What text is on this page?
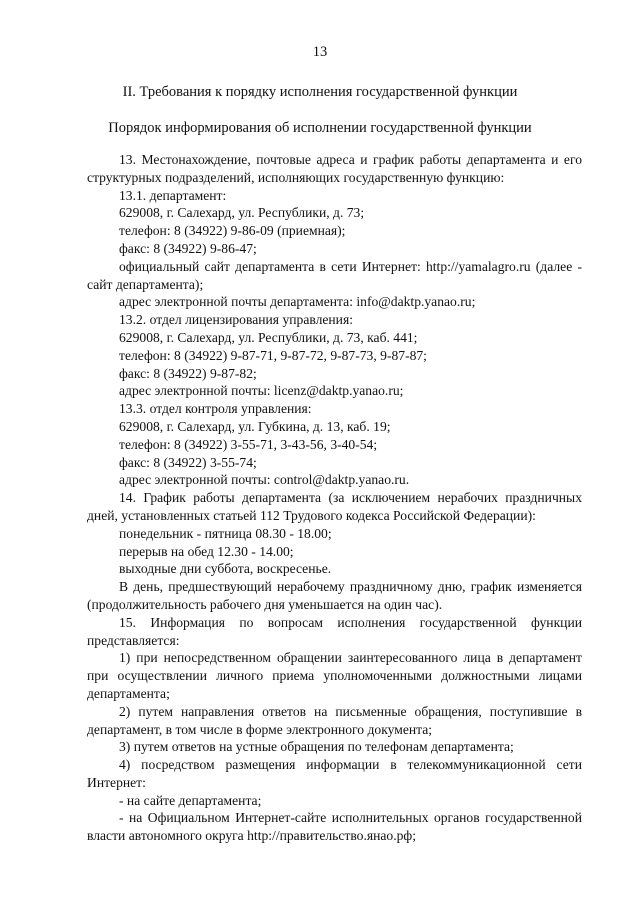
13
II. Требования к порядку исполнения государственной функции
Порядок информирования об исполнении государственной функции

13. Местонахождение, почтовые адреса и график работы департамента и его структурных подразделений, исполняющих государственную функцию:

13.1. департамент:

629008, г. Салехард, ул. Республики, д. 73;

телефон: 8 (34922) 9-86-09 (приемная);

факс: 8 (34922) 9-86-47;

официальный сайт департамента в сети Интернет: http://yamalagro.ru (далее - сайт департамента);

адрес электронной почты департамента: info@daktp.yanao.ru;

13.2. отдел лицензирования управления:

629008, г. Салехард, ул. Республики, д. 73, каб. 441;

телефон: 8 (34922) 9-87-71, 9-87-72, 9-87-73, 9-87-87;

факс: 8 (34922) 9-87-82;

адрес электронной почты: licenz@daktp.yanao.ru;

13.3. отдел контроля управления:

629008, г. Салехард, ул. Губкина, д. 13, каб. 19;

телефон: 8 (34922) 3-55-71, 3-43-56, 3-40-54;

факс: 8 (34922) 3-55-74;

адрес электронной почты: control@daktp.yanao.ru.

14. График работы департамента (за исключением нерабочих праздничных дней, установленных статьей 112 Трудового кодекса Российской Федерации):

понедельник - пятница 08.30 - 18.00;

перерыв на обед 12.30 - 14.00;

выходные дни суббота, воскресенье.

В день, предшествующий нерабочему праздничному дню, график изменяется (продолжительность рабочего дня уменьшается на один час).

15. Информация по вопросам исполнения государственной функции представляется:

1) при непосредственном обращении заинтересованного лица в департамент при осуществлении личного приема уполномоченными должностными лицами департамента;

2) путем направления ответов на письменные обращения, поступившие в департамент, в том числе в форме электронного документа;

3) путем ответов на устные обращения по телефонам департамента;

4) посредством размещения информации в телекоммуникационной сети Интернет:

- на сайте департамента;

- на Официальном Интернет-сайте исполнительных органов государственной власти автономного округа http://правительство.янао.рф;
